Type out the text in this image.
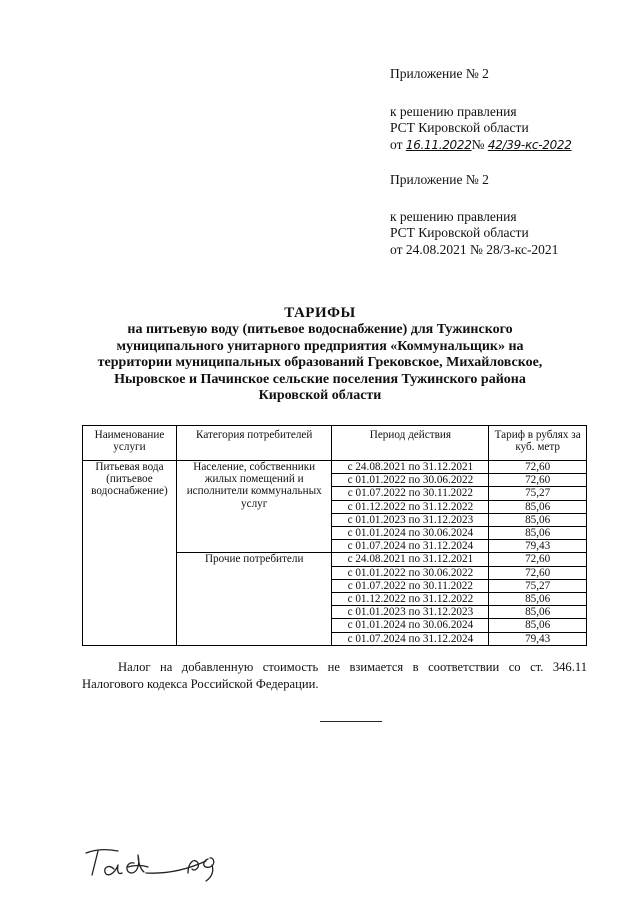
Приложение № 2
к решению правления
РСТ Кировской области
от 16.11.2022№ 42/39-кс-2022
Приложение № 2
к решению правления
РСТ Кировской области
от 24.08.2021 № 28/3-кс-2021
ТАРИФЫ
на питьевую воду (питьевое водоснабжение) для Тужинского
муниципального унитарного предприятия «Коммунальщик» на
территории муниципальных образований Грековское, Михайловское,
Ныровское и Пачинское сельские поселения Тужинского района
Кировской области
Наименование услуги	Категория потребителей	Период действия	Тариф в рублях за куб. метр
Питьевая вода (питьевое водоснабжение)	Население, собственники жилых помещений и исполнители коммунальных услуг	с 24.08.2021 по 31.12.2021	72,60
		с 01.01.2022 по 30.06.2022	72,60
		с 01.07.2022 по 30.11.2022	75,27
		с 01.12.2022 по 31.12.2022	85,06
		с 01.01.2023 по 31.12.2023	85,06
		с 01.01.2024 по 30.06.2024	85,06
		с 01.07.2024 по 31.12.2024	79,43
	Прочие потребители	с 24.08.2021 по 31.12.2021	72,60
		с 01.01.2022 по 30.06.2022	72,60
		с 01.07.2022 по 30.11.2022	75,27
		с 01.12.2022 по 31.12.2022	85,06
		с 01.01.2023 по 31.12.2023	85,06
		с 01.01.2024 по 30.06.2024	85,06
		с 01.07.2024 по 31.12.2024	79,43
Налог на добавленную стоимость не взимается в соответствии со ст. 346.11 Налогового кодекса Российской Федерации.
